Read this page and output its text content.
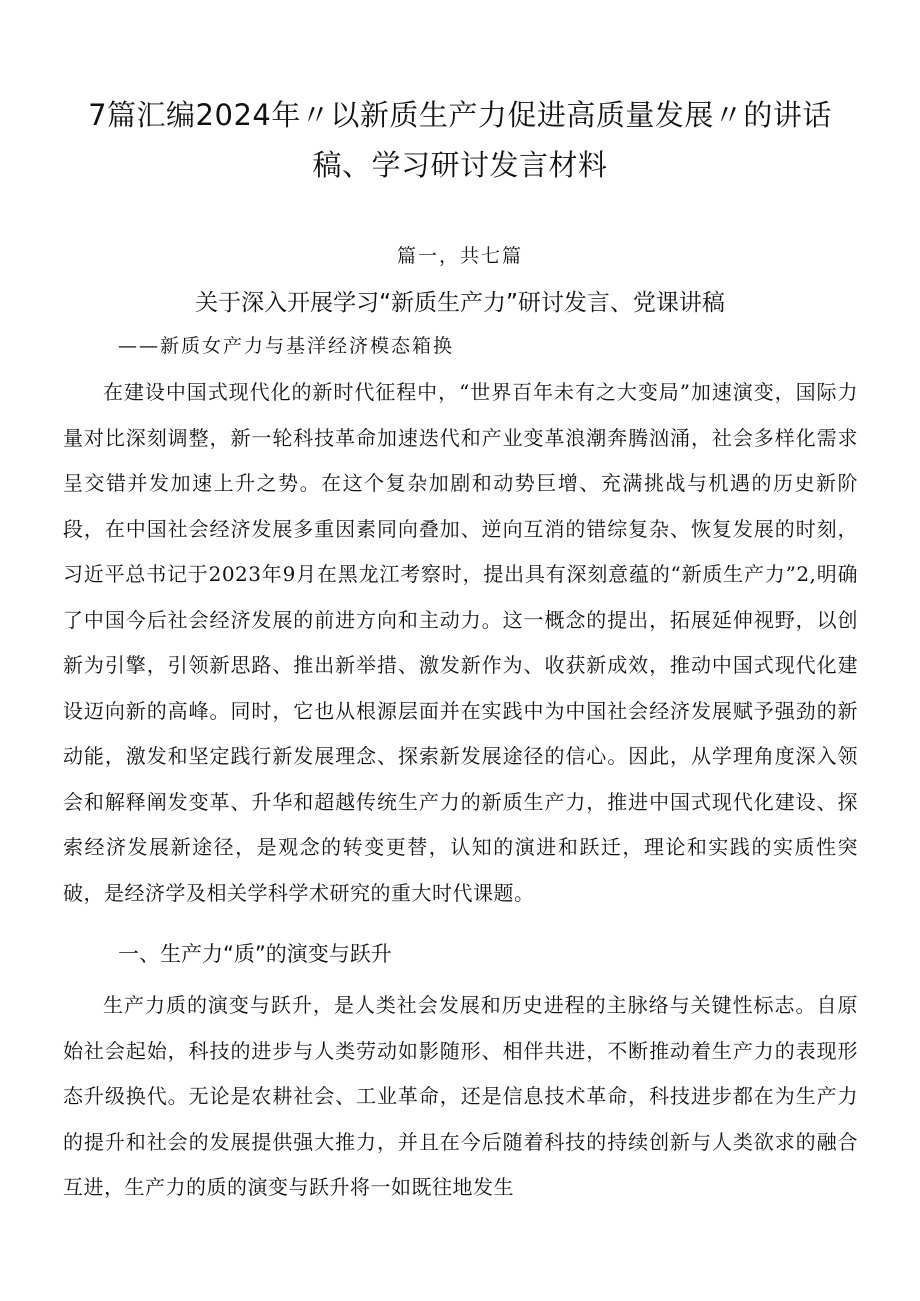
7篇汇编2024年〃以新质生产力促进高质量发展〃的讲话稿、学习研讨发言材料
篇一，共七篇
关于深入开展学习“新质生产力”研讨发言、党课讲稿
——新质女产力与基洋经济模态箱换

在建设中国式现代化的新时代征程中，“世界百年未有之大变局”加速演变，国际力量对比深刻调整，新一轮科技革命加速迭代和产业变革浪潮奔腾汹涌，社会多样化需求呈交错并发加速上升之势。在这个复杂加剧和动势巨增、充满挑战与机遇的历史新阶段，在中国社会经济发展多重因素同向叠加、逆向互消的错综复杂、恢复发展的时刻，习近平总书记于2023年9月在黑龙江考察时，提出具有深刻意蕴的“新质生产力”2,明确了中国今后社会经济发展的前进方向和主动力。这一概念的提出，拓展延伸视野，以创新为引擎，引领新思路、推出新举措、激发新作为、收获新成效，推动中国式现代化建设迈向新的高峰。同时，它也从根源层面并在实践中为中国社会经济发展赋予强劲的新动能，激发和坚定践行新发展理念、探索新发展途径的信心。因此，从学理角度深入领会和解释阐发变革、升华和超越传统生产力的新质生产力，推进中国式现代化建设、探索经济发展新途径，是观念的转变更替，认知的演进和跃迁，理论和实践的实质性突破，是经济学及相关学科学术研究的重大时代课题。

一、生产力“质”的演变与跃升

生产力质的演变与跃升，是人类社会发展和历史进程的主脉络与关键性标志。自原始社会起始，科技的进步与人类劳动如影随形、相伴共进，不断推动着生产力的表现形态升级换代。无论是农耕社会、工业革命，还是信息技术革命，科技进步都在为生产力的提升和社会的发展提供强大推力，并且在今后随着科技的持续创新与人类欲求的融合互进，生产力的质的演变与跃升将一如既往地发生
